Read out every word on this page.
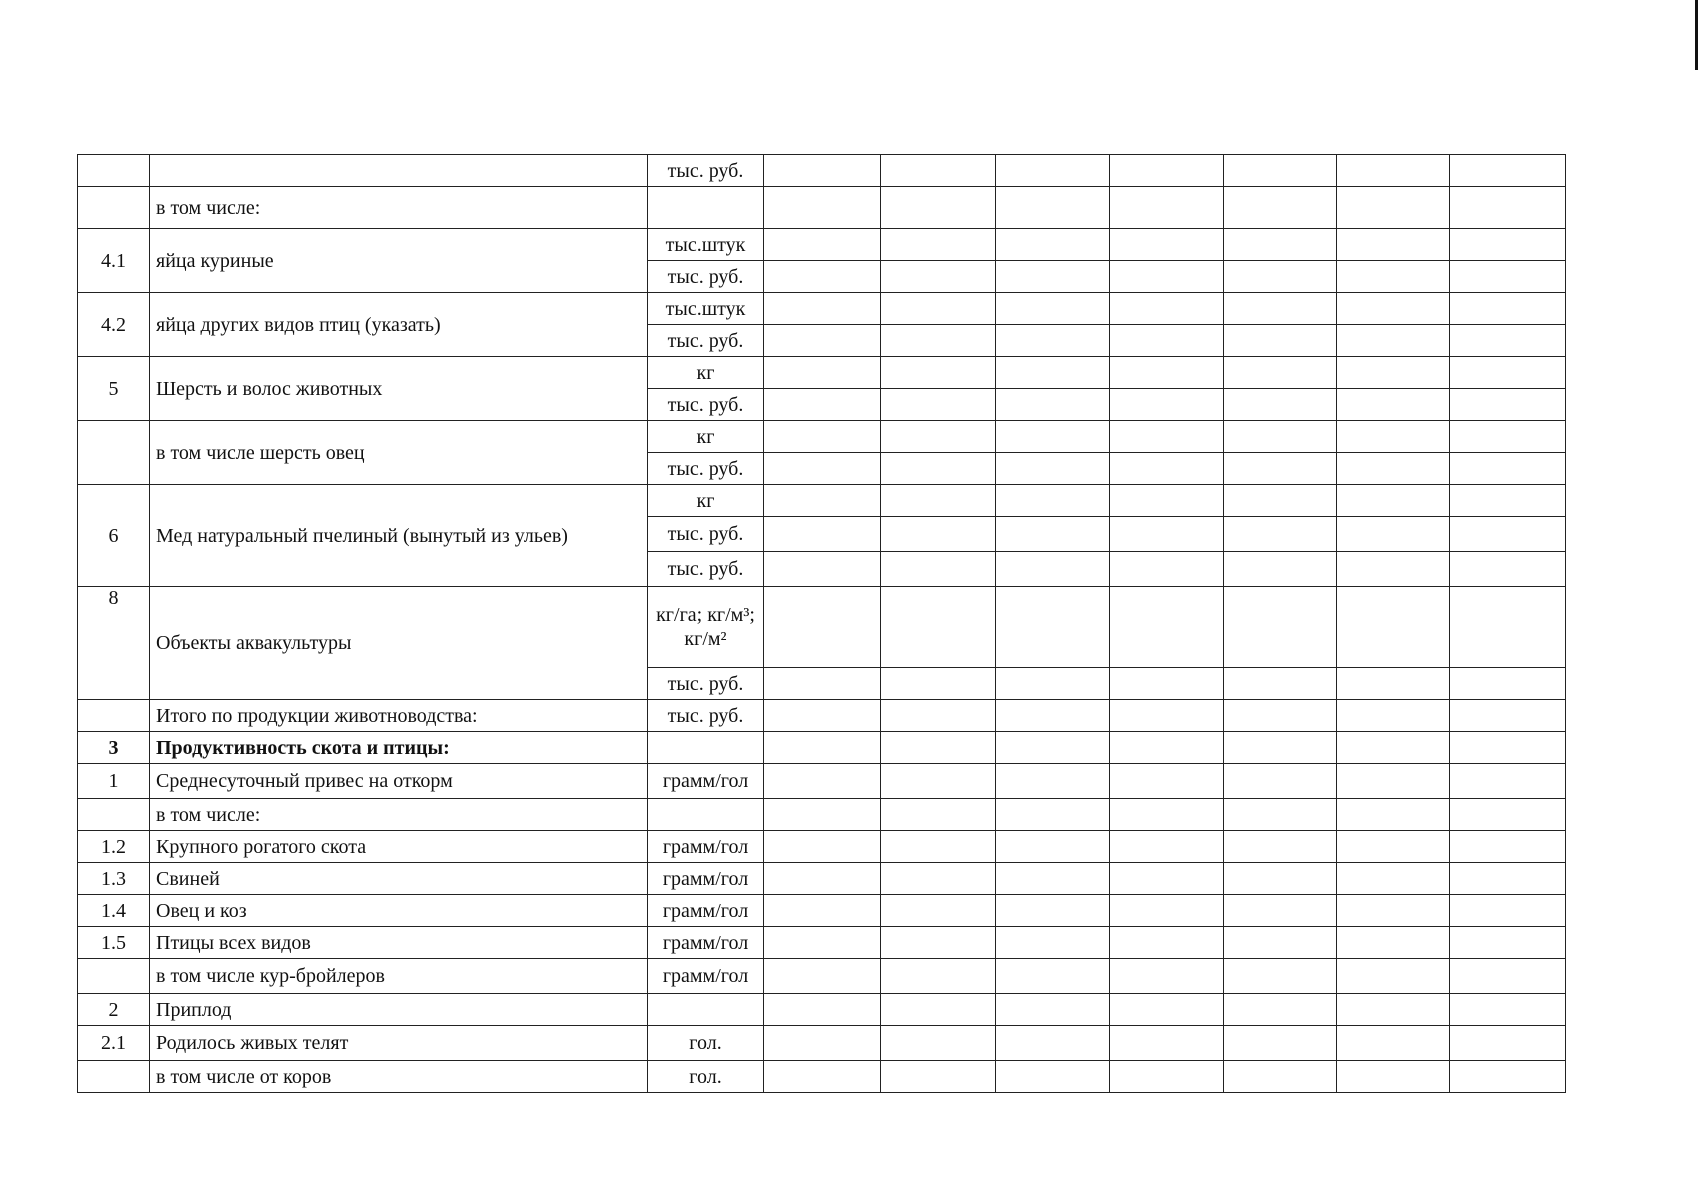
		тыс. руб.							
	в том числе:								
4.1	яйца куриные	тыс.штук							
		тыс. руб.							
4.2	яйца других видов птиц (указать)	тыс.штук							
		тыс. руб.							
5	Шерсть и волос животных	кг							
		тыс. руб.							
	в том числе шерсть овец	кг							
		тыс. руб.							
6	Мед натуральный пчелиный (вынутый из ульев)	кг							
		тыс. руб.							
		тыс. руб.							
8	Объекты аквакультуры	кг/га; кг/м³; кг/м²							
		тыс. руб.							
	Итого по продукции животноводства:	тыс. руб.							
3	Продуктивность скота и птицы:								
1	Среднесуточный привес на откорм	грамм/гол							
	в том числе:								
1.2	Крупного рогатого скота	грамм/гол							
1.3	Свиней	грамм/гол							
1.4	Овец и коз	грамм/гол							
1.5	Птицы всех видов	грамм/гол							
	в том числе кур-бройлеров	грамм/гол							
2	Приплод								
2.1	Родилось живых телят	гол.							
	в том числе от коров	гол.							
